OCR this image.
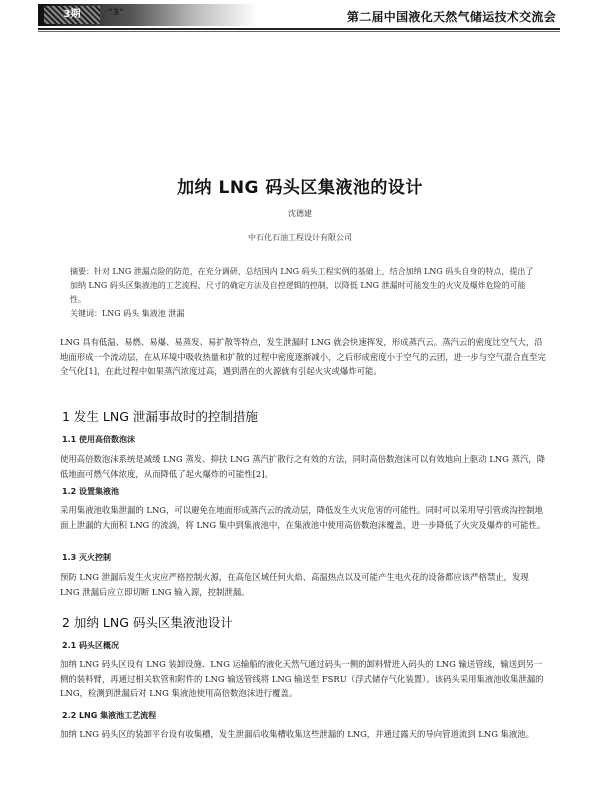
3期	"3"	第二届中国液化天然气储运技术交流会
加纳 LNG 码头区集液池的设计
沈德建
中石化石油工程设计有限公司

摘要：针对 LNG 泄漏点险的防范，在充分调研、总结国内 LNG 码头工程实例的基础上，结合加纳 LNG 码头自身的特点，提出了加纳 LNG 码头区集液池的工艺流程、尺寸的确定方法及自控逻辑的控制，以降低 LNG 泄漏时可能发生的火灾及爆炸危险的可能性。

关键词：LNG 码头 集液池 泄漏

LNG 具有低温、易燃、易爆、易蒸发、易扩散等特点，发生泄漏时 LNG 就会快速挥发，形成蒸汽云。蒸汽云的密度比空气大，沿地面形成一个流动层，在从环境中吸收热量和扩散的过程中密度逐渐减小，之后形成密度小于空气的云团，进一步与空气混合直至完全气化[1]，在此过程中如果蒸汽浓度过高，遇到潜在的火源就有引起火灾或爆炸可能。

1 发生 LNG 泄漏事故时的控制措施
1.1 使用高倍数泡沫

使用高倍数泡沫系统是减缓 LNG 蒸发、抑扶 LNG 蒸汽扩散行之有效的方法，同时高倍数泡沫可以有效地向上驱动 LNG 蒸汽，降低地面可燃气体浓度，从而降低了起火爆炸的可能性[2]。

1.2 设置集液池

采用集液池收集泄漏的 LNG，可以避免在地面形成蒸汽云的流动层，降低发生火灾危害的可能性。同时可以采用导引管或沟控制地面上泄漏的大面积 LNG 的流淌，将 LNG 集中到集液池中，在集液池中使用高倍数泡沫覆盖，进一步降低了火灾及爆炸的可能性。

1.3 灭火控制

预防 LNG 泄漏后发生火灾应严格控制火源，在高危区域任何火焰、高温热点以及可能产生电火花的设备都应该严格禁止，发现 LNG 泄漏后应立即切断 LNG 输入源，控制泄漏。

2 加纳 LNG 码头区集液池设计
2.1 码头区概况

加纳 LNG 码头区设有 LNG 装卸设施、LNG 运输船的液化天然气通过码头一侧的卸料臂进入码头的 LNG 输送管线，输送到另一侧的装料臂，再通过相关软管和附件的 LNG 输送管线将 LNG 输送至 FSRU（浮式储存气化装置）。该码头采用集液池收集泄漏的 LNG，检测到泄漏后对 LNG 集液池使用高倍数泡沫进行覆盖。

2.2 LNG 集液池工艺流程

加纳 LNG 码头区的装卸平台设有收集槽，发生泄漏后收集槽收集这些泄漏的 LNG，并通过露天的导向管道流到 LNG 集液池。
